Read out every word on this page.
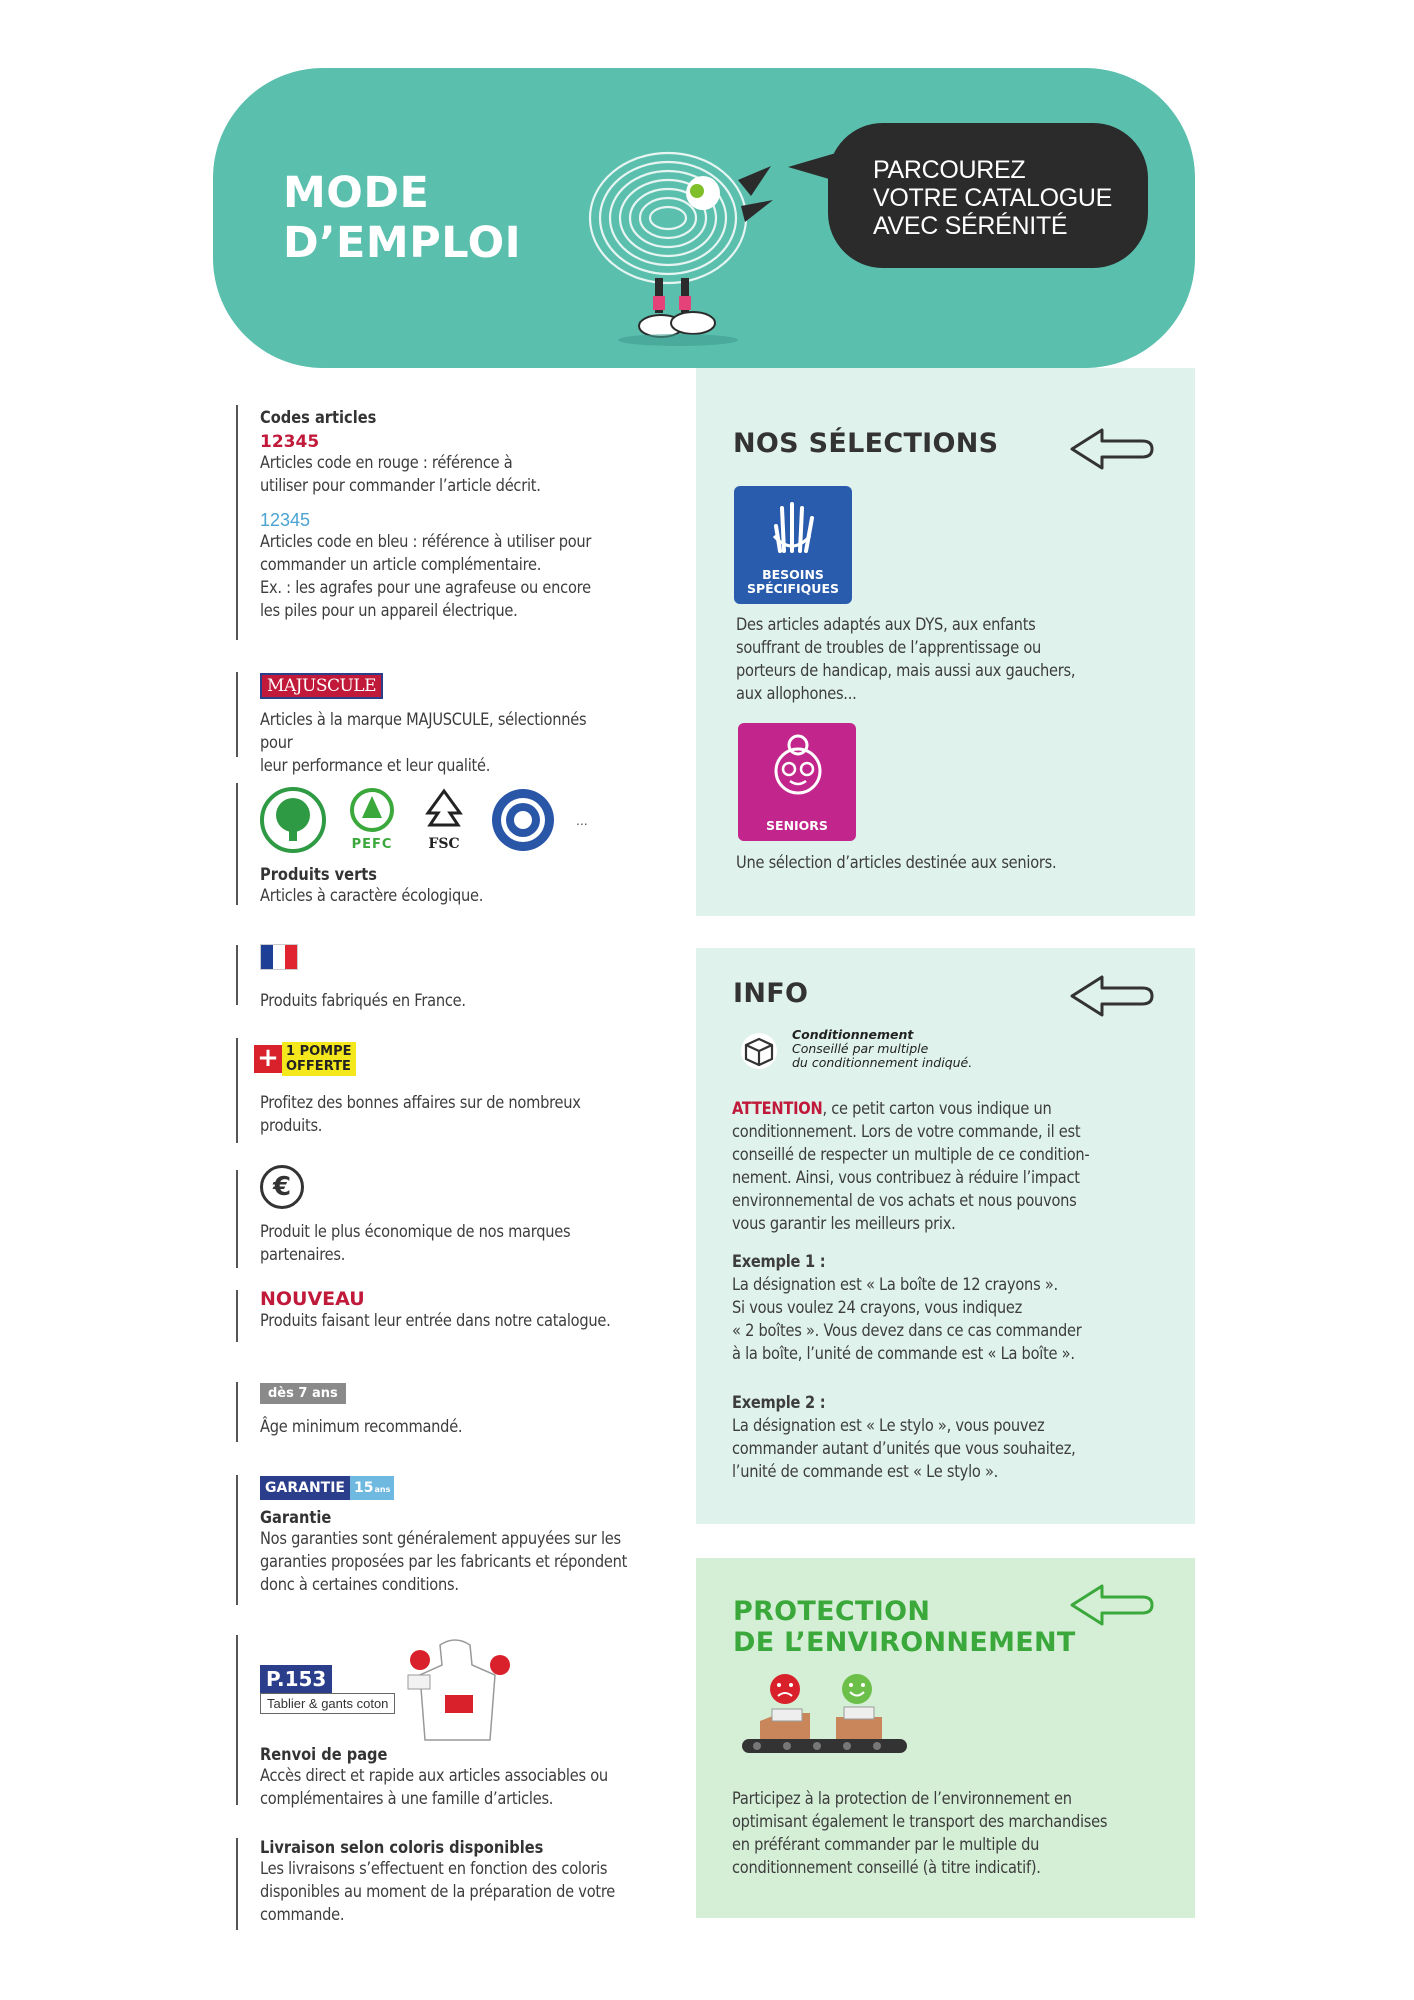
MODE
D’EMPLOI
PARCOUREZ
VOTRE CATALOGUE
AVEC SÉRÉNITÉ
Codes articles
12345
Articles code en rouge : référence à
utiliser pour commander l’article décrit.
12345
Articles code en bleu : référence à utiliser pour
commander un article complémentaire.
Ex. : les agrafes pour une agrafeuse ou encore
les piles pour un appareil électrique.
MAJUSCULE
Articles à la marque MAJUSCULE, sélectionnés pour
leur performance et leur qualité.
PEFC	FSC
...
Produits verts
Articles à caractère écologique.
Produits fabriqués en France.
+ 1 POMPE
OFFERTE
Profitez des bonnes affaires sur de nombreux
produits.
€
Produit le plus économique de nos marques
partenaires.
NOUVEAU
Produits faisant leur entrée dans notre catalogue.
dès 7 ans
Âge minimum recommandé.
GARANTIE 15ans
Garantie
Nos garanties sont généralement appuyées sur les
garanties proposées par les fabricants et répondent
donc à certaines conditions.
P.153
Tablier & gants coton
Renvoi de page
Accès direct et rapide aux articles associables ou
complémentaires à une famille d’articles.
Livraison selon coloris disponibles
Les livraisons s’effectuent en fonction des coloris
disponibles au moment de la préparation de votre
commande.
NOS SÉLECTIONS
BESOINS
SPÉCIFIQUES
Des articles adaptés aux DYS, aux enfants
souffrant de troubles de l’apprentissage ou
porteurs de handicap, mais aussi aux gauchers,
aux allophones...
SENIORS
Une sélection d’articles destinée aux seniors.
INFO
Conditionnement
Conseillé par multiple
du conditionnement indiqué.
ATTENTION, ce petit carton vous indique un
conditionnement. Lors de votre commande, il est
conseillé de respecter un multiple de ce condition-
nement. Ainsi, vous contribuez à réduire l’impact
environnemental de vos achats et nous pouvons
vous garantir les meilleurs prix.
Exemple 1 :
La désignation est « La boîte de 12 crayons ».
Si vous voulez 24 crayons, vous indiquez
« 2 boîtes ». Vous devez dans ce cas commander
à la boîte, l’unité de commande est « La boîte ».
Exemple 2 :
La désignation est « Le stylo », vous pouvez
commander autant d’unités que vous souhaitez,
l’unité de commande est « Le stylo ».
PROTECTION
DE L’ENVIRONNEMENT
Participez à la protection de l’environnement en
optimisant également le transport des marchandises
en préférant commander par le multiple du
conditionnement conseillé (à titre indicatif).
